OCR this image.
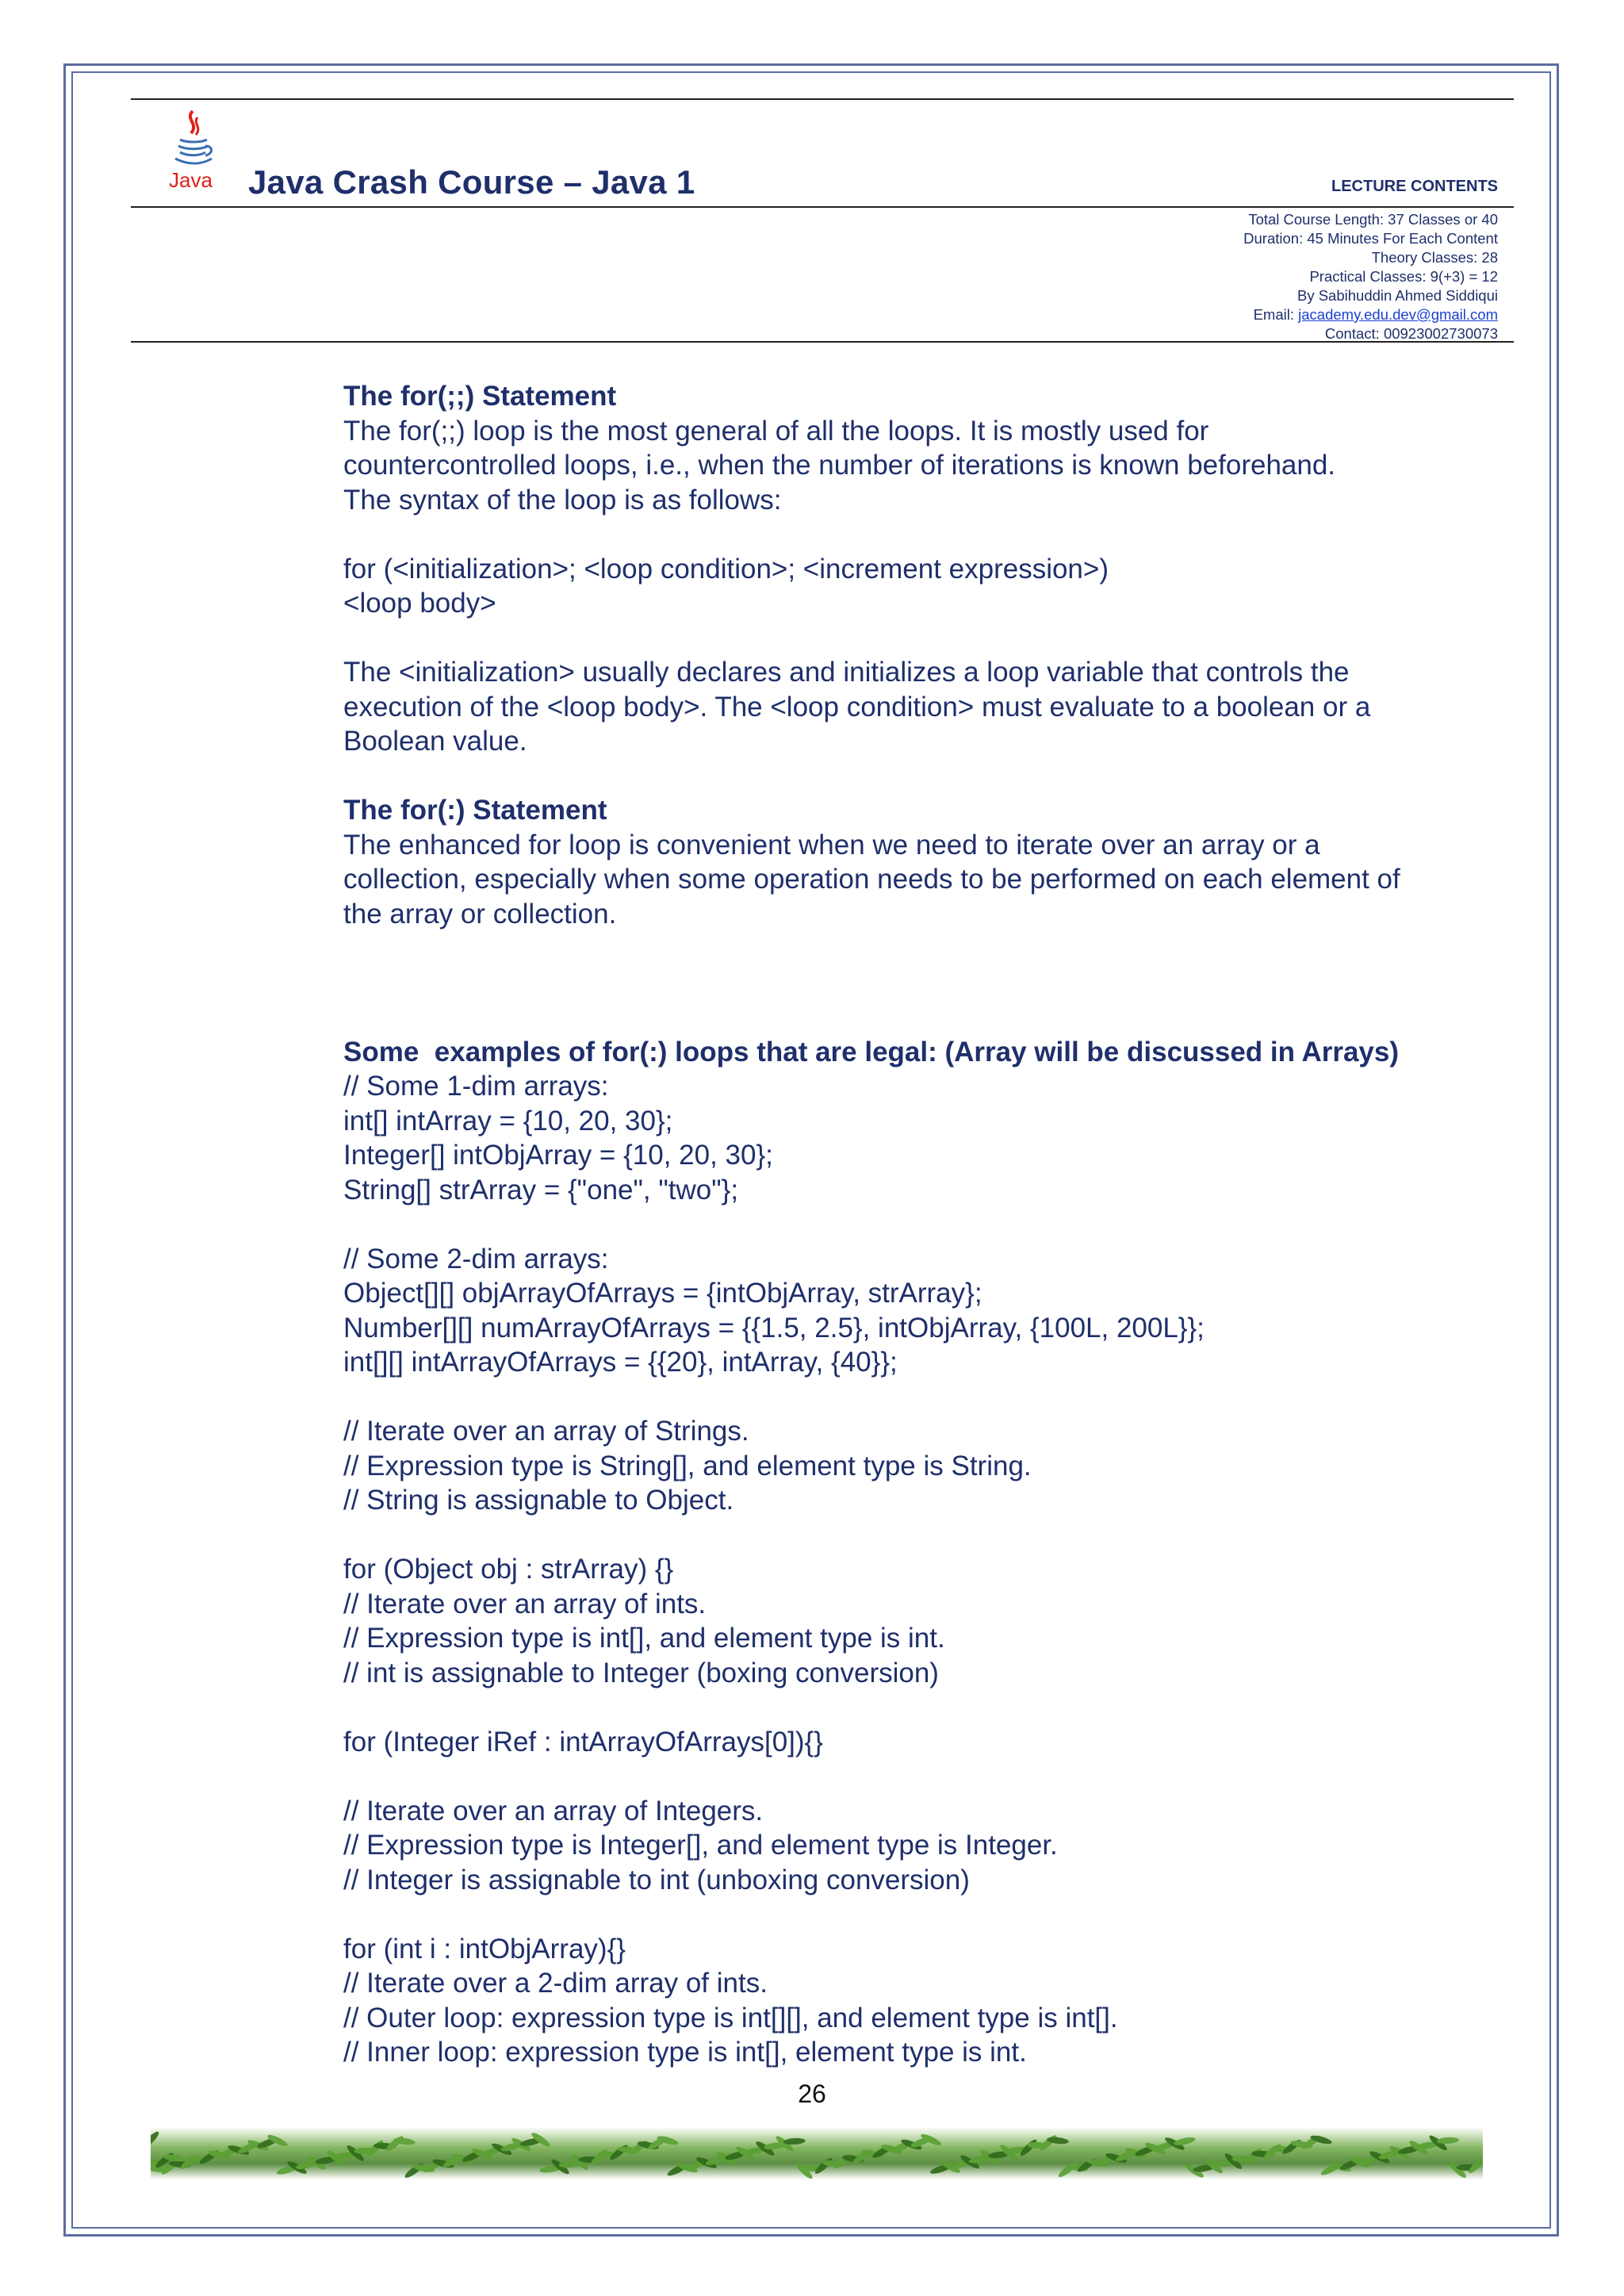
Java Java Crash Course – Java 1	LECTURE CONTENTS
Total Course Length: 37 Classes or 40
Duration: 45 Minutes For Each Content
Theory Classes: 28
Practical Classes: 9(+3) = 12
By Sabihuddin Ahmed Siddiqui
Email: jacademy.edu.dev@gmail.com
Contact: 00923002730073
The for(;;) Statement
The for(;;) loop is the most general of all the loops. It is mostly used for
countercontrolled loops, i.e., when the number of iterations is known beforehand.
The syntax of the loop is as follows:
for (<initialization>; <loop condition>; <increment expression>)
<loop body>
The <initialization> usually declares and initializes a loop variable that controls the
execution of the <loop body>. The <loop condition> must evaluate to a boolean or a
Boolean value.
The for(:) Statement
The enhanced for loop is convenient when we need to iterate over an array or a
collection, especially when some operation needs to be performed on each element of
the array or collection.
Some  examples of for(:) loops that are legal: (Array will be discussed in Arrays)
// Some 1-dim arrays:
int[] intArray = {10, 20, 30};
Integer[] intObjArray = {10, 20, 30};
String[] strArray = {"one", "two"};
// Some 2-dim arrays:
Object[][] objArrayOfArrays = {intObjArray, strArray};
Number[][] numArrayOfArrays = {{1.5, 2.5}, intObjArray, {100L, 200L}};
int[][] intArrayOfArrays = {{20}, intArray, {40}};
// Iterate over an array of Strings.
// Expression type is String[], and element type is String.
// String is assignable to Object.
for (Object obj : strArray) {}
// Iterate over an array of ints.
// Expression type is int[], and element type is int.
// int is assignable to Integer (boxing conversion)
for (Integer iRef : intArrayOfArrays[0]){}
// Iterate over an array of Integers.
// Expression type is Integer[], and element type is Integer.
// Integer is assignable to int (unboxing conversion)
for (int i : intObjArray){}
// Iterate over a 2-dim array of ints.
// Outer loop: expression type is int[][], and element type is int[].
// Inner loop: expression type is int[], element type is int.
26
